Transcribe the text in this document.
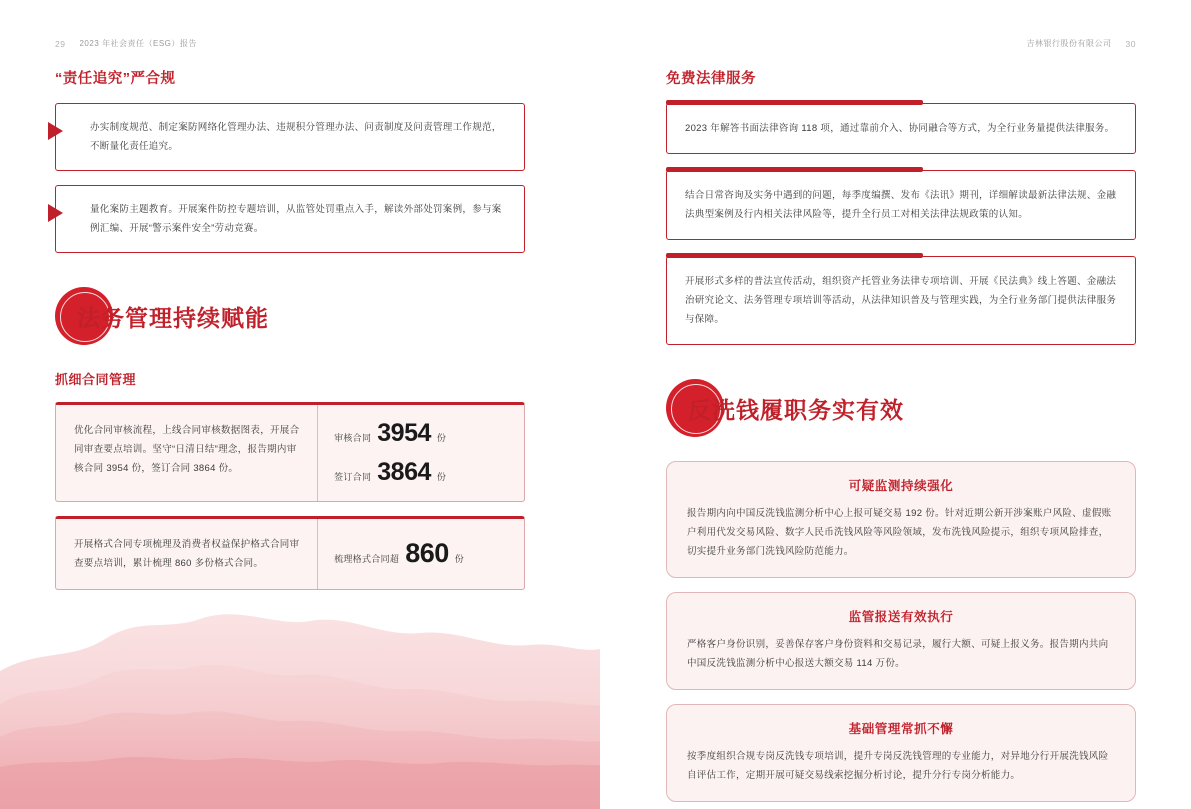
29 2023 年社会责任（ESG）报告	吉林银行股份有限公司 30
“责任追究”严合规

办实制度规范、制定案防网络化管理办法、违规积分管理办法、问责制度及问责管理工作规范，不断量化责任追究。

量化案防主题教育。开展案件防控专题培训，从监管处罚重点入手，解读外部处罚案例，参与案例汇编、开展“警示案件安全”劳动竞赛。

法务管理持续赋能
抓细合同管理
优化合同审核流程，上线合同审核数据图表，开展合同审查要点培训。坚守“日清日结”理念，报告期内审核合同 3954 份，签订合同 3864 份。
审核合同 3954 份
签订合同 3864 份
开展格式合同专项梳理及消费者权益保护格式合同审查要点培训，累计梳理 860 多份格式合同。	梳理格式合同超 860 份
免费法律服务

2023 年解答书面法律咨询 118 项，通过靠前介入、协同融合等方式，为全行业务量提供法律服务。

结合日常咨询及实务中遇到的问题，每季度编撰、发布《法讯》期刊，详细解读最新法律法规、金融法典型案例及行内相关法律风险等，提升全行员工对相关法律法规政策的认知。

开展形式多样的普法宣传活动，组织资产托管业务法律专项培训、开展《民法典》线上答题、金融法治研究论文、法务管理专项培训等活动，从法律知识普及与管理实践，为全行业务部门提供法律服务与保障。

反洗钱履职务实有效
可疑监测持续强化
报告期内向中国反洗钱监测分析中心上报可疑交易 192 份。针对近期公新开涉案账户风险、虚假账户利用代发交易风险、数字人民币洗钱风险等风险领域，发布洗钱风险提示，组织专项风险排查，切实提升业务部门洗钱风险防范能力。
监管报送有效执行
严格客户身份识别，妥善保存客户身份资料和交易记录，履行大额、可疑上报义务。报告期内共向中国反洗钱监测分析中心报送大额交易 114 万份。
基础管理常抓不懈
按季度组织合规专岗反洗钱专项培训，提升专岗反洗钱管理的专业能力，对异地分行开展洗钱风险自评估工作，定期开展可疑交易线索挖掘分析讨论，提升分行专岗分析能力。
